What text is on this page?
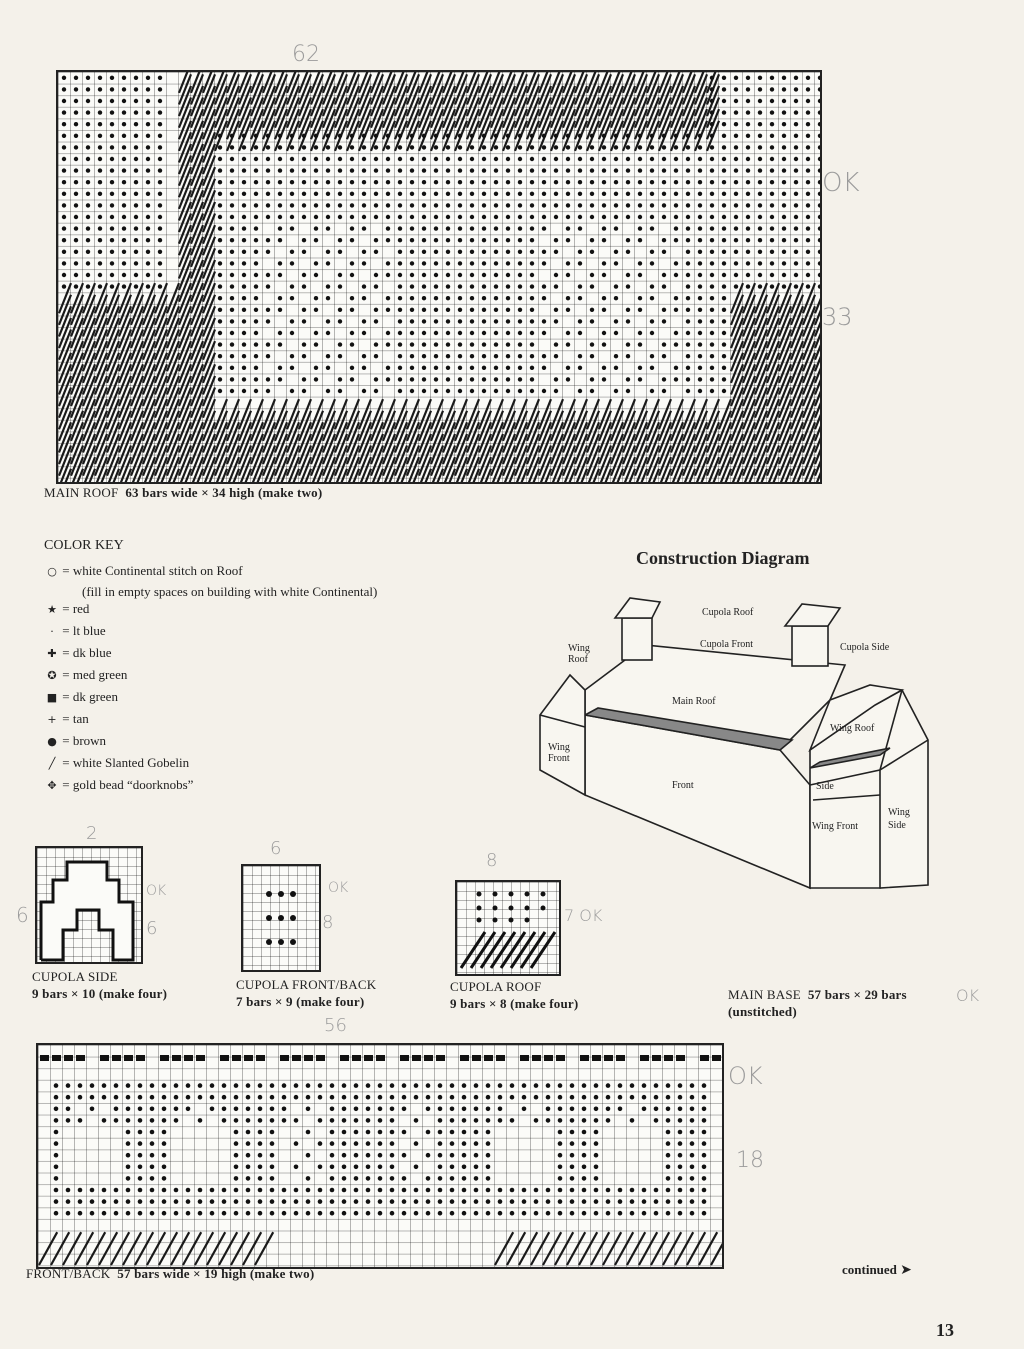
62
OK
33
MAIN ROOF 63 bars wide × 34 high (make two)
COLOR KEY
○ = white Continental stitch on Roof
(fill in empty spaces on building with white Continental)
★ = red
· = lt blue
✚ = dk blue
✪ = med green
■ = dk green
+ = tan
● = brown
╱ = white Slanted Gobelin
✥ = gold bead “doorknobs”
Construction Diagram
Cupola Roof
Cupola Front	Cupola Side
Wing Roof
Main Roof
Wing Front
Front
Wing Roof
Side
Wing Front
Wing Side
2
6
OK
6
CUPOLA SIDE
9 bars × 10 (make four)
6
OK
8
CUPOLA FRONT/BACK
7 bars × 9 (make four)
8
7 OK
CUPOLA ROOF
9 bars × 8 (make four)
MAIN BASE 57 bars × 29 bars
(unstitched)
OK
56
OK
18
FRONT/BACK 57 bars wide × 19 high (make two)	continued ➤
13
